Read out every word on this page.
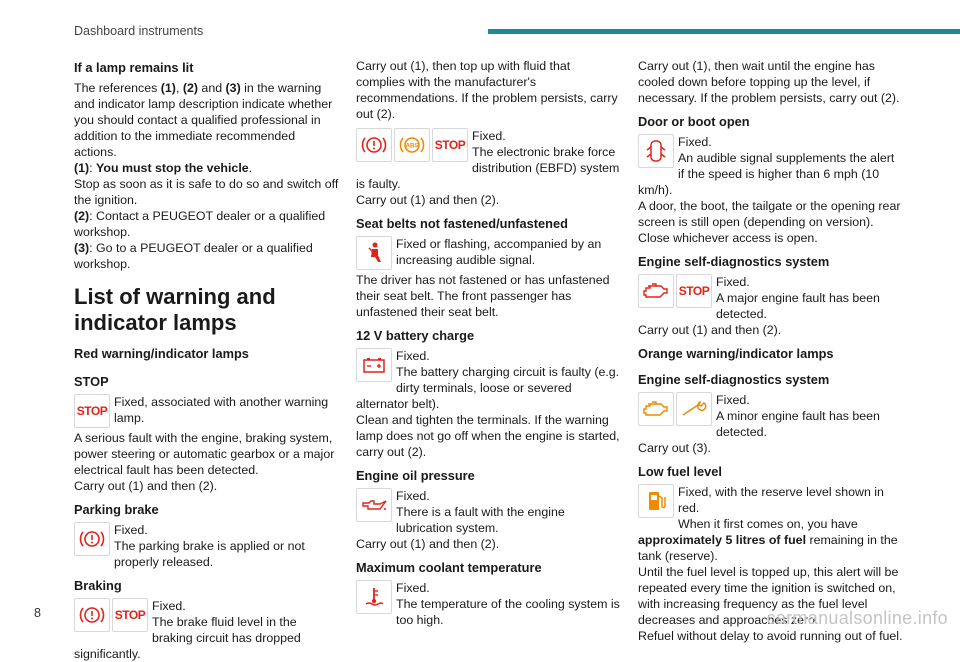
Dashboard instruments
If a lamp remains lit

The references (1), (2) and (3) in the warning and indicator lamp description indicate whether you should contact a qualified professional in addition to the immediate recommended actions.

(1): You must stop the vehicle.

Stop as soon as it is safe to do so and switch off the ignition.

(2): Contact a PEUGEOT dealer or a qualified workshop.

(3): Go to a PEUGEOT dealer or a qualified workshop.

List of warning and indicator lamps
Red warning/indicator lamps
STOP
STOP

Fixed, associated with another warning lamp.

A serious fault with the engine, braking system, power steering or automatic gearbox or a major electrical fault has been detected.

Carry out (1) and then (2).

Parking brake

Fixed.

The parking brake is applied or not properly released.

Braking
STOP

Fixed.

The brake fluid level in the braking circuit has dropped significantly.

Carry out (1), then top up with fluid that complies with the manufacturer's recommendations. If the problem persists, carry out (2).

ABS STOP

Fixed.

The electronic brake force distribution (EBFD) system is faulty.

Carry out (1) and then (2).

Seat belts not fastened/unfastened

Fixed or flashing, accompanied by an increasing audible signal.

The driver has not fastened or has unfastened their seat belt. The front passenger has unfastened their seat belt.

12 V battery charge

Fixed.

The battery charging circuit is faulty (e.g. dirty terminals, loose or severed alternator belt).

Clean and tighten the terminals. If the warning lamp does not go off when the engine is started, carry out (2).

Engine oil pressure

Fixed.

There is a fault with the engine lubrication system.

Carry out (1) and then (2).

Maximum coolant temperature

Fixed.

The temperature of the cooling system is too high.

Carry out (1), then wait until the engine has cooled down before topping up the level, if necessary. If the problem persists, carry out (2).

Door or boot open

Fixed.

An audible signal supplements the alert if the speed is higher than 6 mph (10 km/h).

A door, the boot, the tailgate or the opening rear screen is still open (depending on version).

Close whichever access is open.

Engine self-diagnostics system
STOP

Fixed.

A major engine fault has been detected.

Carry out (1) and then (2).

Orange warning/indicator lamps
Engine self-diagnostics system

Fixed.

A minor engine fault has been detected.

Carry out (3).

Low fuel level

Fixed, with the reserve level shown in red.

When it first comes on, you have

approximately 5 litres of fuel remaining in the tank (reserve).

Until the fuel level is topped up, this alert will be repeated every time the ignition is switched on, with increasing frequency as the fuel level decreases and approaches zero.

Refuel without delay to avoid running out of fuel.

8	carmanualsonline.info
